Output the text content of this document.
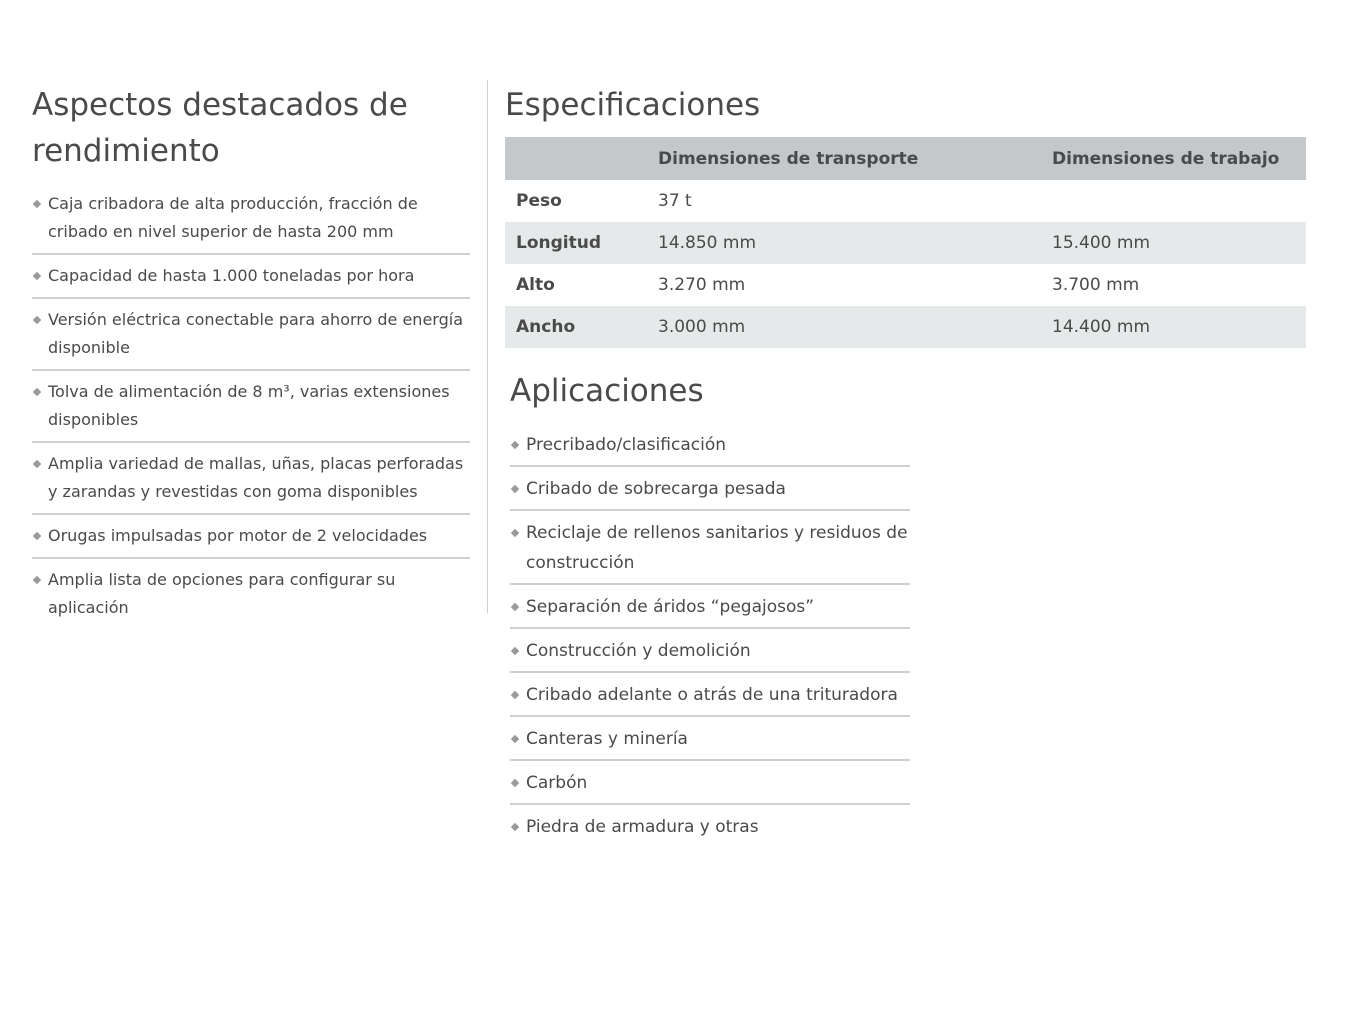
Aspectos destacados de rendimiento
Caja cribadora de alta producción, fracción de cribado en nivel superior de hasta 200 mm
Capacidad de hasta 1.000 toneladas por hora
Versión eléctrica conectable para ahorro de energía disponible
Tolva de alimentación de 8 m³, varias extensiones disponibles
Amplia variedad de mallas, uñas, placas perforadas y zarandas y revestidas con goma disponibles
Orugas impulsadas por motor de 2 velocidades
Amplia lista de opciones para configurar su aplicación
Especificaciones
	Dimensiones de transporte	Dimensiones de trabajo
Peso	37 t	
Longitud	14.850 mm	15.400 mm
Alto	3.270 mm	3.700 mm
Ancho	3.000 mm	14.400 mm
Aplicaciones
Precribado/clasificación
Cribado de sobrecarga pesada
Reciclaje de rellenos sanitarios y residuos de construcción
Separación de áridos “pegajosos”
Construcción y demolición
Cribado adelante o atrás de una trituradora
Canteras y minería
Carbón
Piedra de armadura y otras
